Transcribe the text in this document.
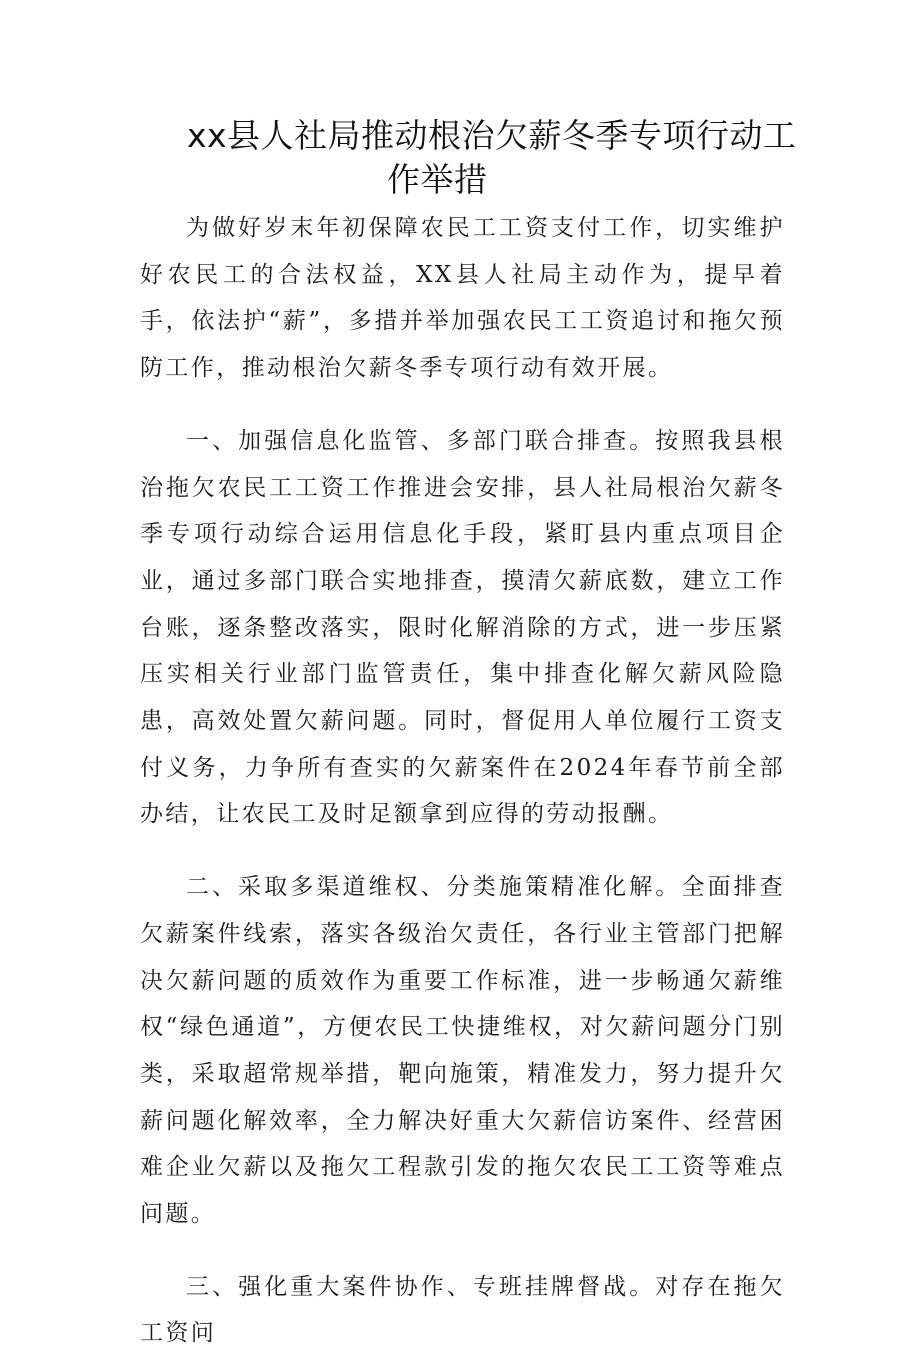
xx县人社局推动根治欠薪冬季专项行动工
作举措

为做好岁末年初保障农民工工资支付工作，切实维护好农民工的合法权益，XX县人社局主动作为，提早着手，依法护“薪”，多措并举加强农民工工资追讨和拖欠预防工作，推动根治欠薪冬季专项行动有效开展。

一、加强信息化监管、多部门联合排查。按照我县根治拖欠农民工工资工作推进会安排，县人社局根治欠薪冬季专项行动综合运用信息化手段，紧盯县内重点项目企业，通过多部门联合实地排查，摸清欠薪底数，建立工作台账，逐条整改落实，限时化解消除的方式，进一步压紧压实相关行业部门监管责任，集中排查化解欠薪风险隐患，高效处置欠薪问题。同时，督促用人单位履行工资支付义务，力争所有查实的欠薪案件在2024年春节前全部办结，让农民工及时足额拿到应得的劳动报酬。

二、采取多渠道维权、分类施策精准化解。全面排查欠薪案件线索，落实各级治欠责任，各行业主管部门把解决欠薪问题的质效作为重要工作标准，进一步畅通欠薪维权“绿色通道”，方便农民工快捷维权，对欠薪问题分门别类，采取超常规举措，靶向施策，精准发力，努力提升欠薪问题化解效率，全力解决好重大欠薪信访案件、经营困难企业欠薪以及拖欠工程款引发的拖欠农民工工资等难点问题。

三、强化重大案件协作、专班挂牌督战。对存在拖欠工资问
